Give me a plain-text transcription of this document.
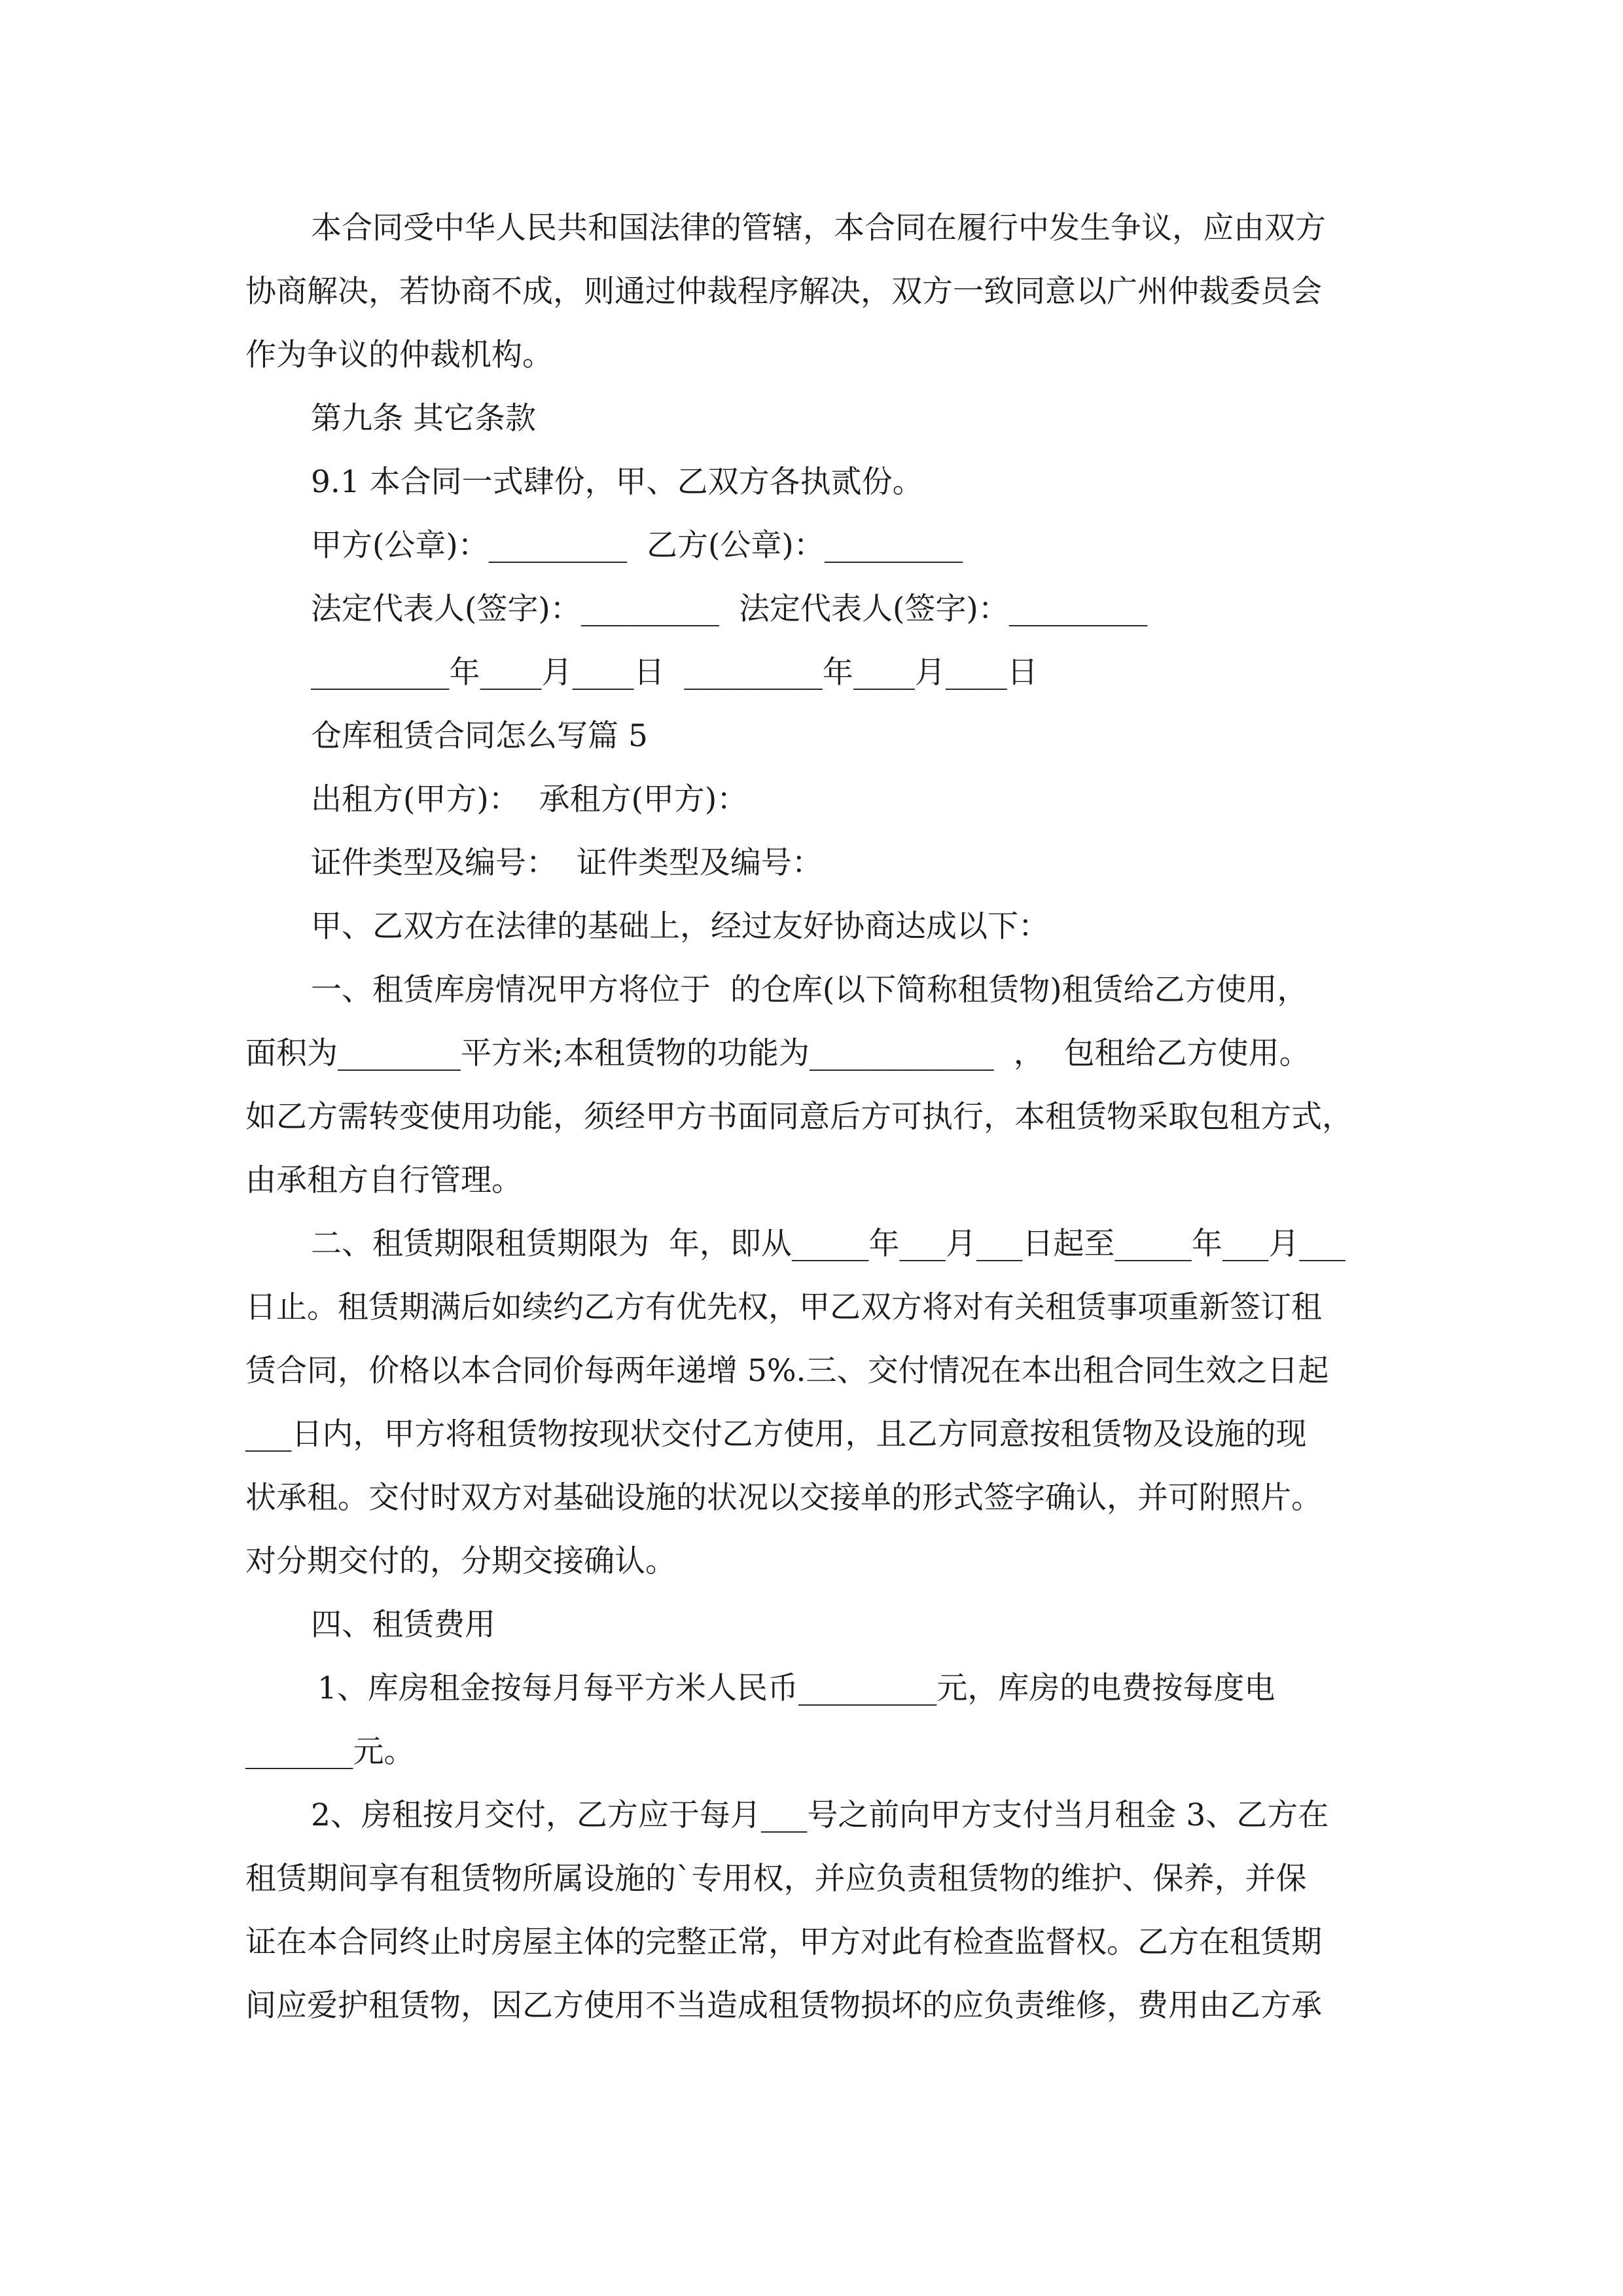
本合同受中华人民共和国法律的管辖，本合同在履行中发生争议，应由双方
协商解决，若协商不成，则通过仲裁程序解决，双方一致同意以广州仲裁委员会
作为争议的仲裁机构。
第九条 其它条款
9.1 本合同一式肆份，甲、乙双方各执贰份。
甲方(公章)：_________  乙方(公章)：_________
法定代表人(签字)：_________  法定代表人(签字)：_________
_________年____月____日  _________年____月____日
仓库租赁合同怎么写篇 5
出租方(甲方)：  承租方(甲方)：
证件类型及编号：  证件类型及编号：
甲、乙双方在法律的基础上，经过友好协商达成以下：
一、租赁库房情况甲方将位于  的仓库(以下简称租赁物)租赁给乙方使用，
面积为________平方米;本租赁物的功能为____________  ，  包租给乙方使用。
如乙方需转变使用功能，须经甲方书面同意后方可执行，本租赁物采取包租方式，
由承租方自行管理。
二、租赁期限租赁期限为  年，即从_____年___月___日起至_____年___月___
日止。租赁期满后如续约乙方有优先权，甲乙双方将对有关租赁事项重新签订租
赁合同，价格以本合同价每两年递增 5%.三、交付情况在本出租合同生效之日起
___日内，甲方将租赁物按现状交付乙方使用，且乙方同意按租赁物及设施的现
状承租。交付时双方对基础设施的状况以交接单的形式签字确认，并可附照片。
对分期交付的，分期交接确认。
四、租赁费用
1、库房租金按每月每平方米人民币_________元，库房的电费按每度电
_______元。
2、房租按月交付，乙方应于每月___号之前向甲方支付当月租金 3、乙方在
租赁期间享有租赁物所属设施的`专用权，并应负责租赁物的维护、保养，并保
证在本合同终止时房屋主体的完整正常，甲方对此有检查监督权。乙方在租赁期
间应爱护租赁物，因乙方使用不当造成租赁物损坏的应负责维修，费用由乙方承
